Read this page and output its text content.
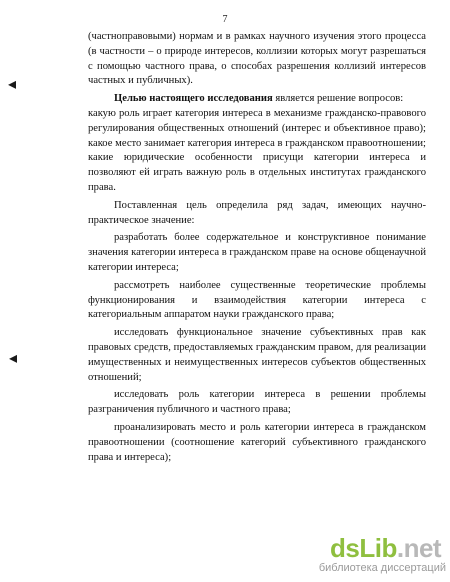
7

(частноправовыми) нормам и в рамках научного изучения этого процесса (в частности – о природе интересов, коллизии которых могут разрешаться с помощью частного права, о способах разрешения коллизий интересов частных и публичных).

Целью настоящего исследования является решение вопросов:

какую роль играет категория интереса в механизме гражданско-правового регулирования общественных отношений (интерес и объективное право); какое место занимает категория интереса в гражданском правоотношении; какие юридические особенности присущи категории интереса и позволяют ей играть важную роль в отдельных институтах гражданского права.

Поставленная цель определила ряд задач, имеющих научно-практическое значение:

разработать более содержательное и конструктивное понимание значения категории интереса в гражданском праве на основе общенаучной категории интереса;

рассмотреть наиболее существенные теоретические проблемы функционирования и взаимодействия категории интереса с категориальным аппаратом науки гражданского права;

исследовать функциональное значение субъективных прав как правовых средств, предоставляемых гражданским правом, для реализации имущественных и неимущественных интересов субъектов общественных отношений;

исследовать роль категории интереса в решении проблемы разграничения публичного и частного права;

проанализировать место и роль категории интереса в гражданском правоотношении (соотношение категорий субъективного гражданского права и интереса);

◂
◂
dsLib.net
библиотека диссертаций
